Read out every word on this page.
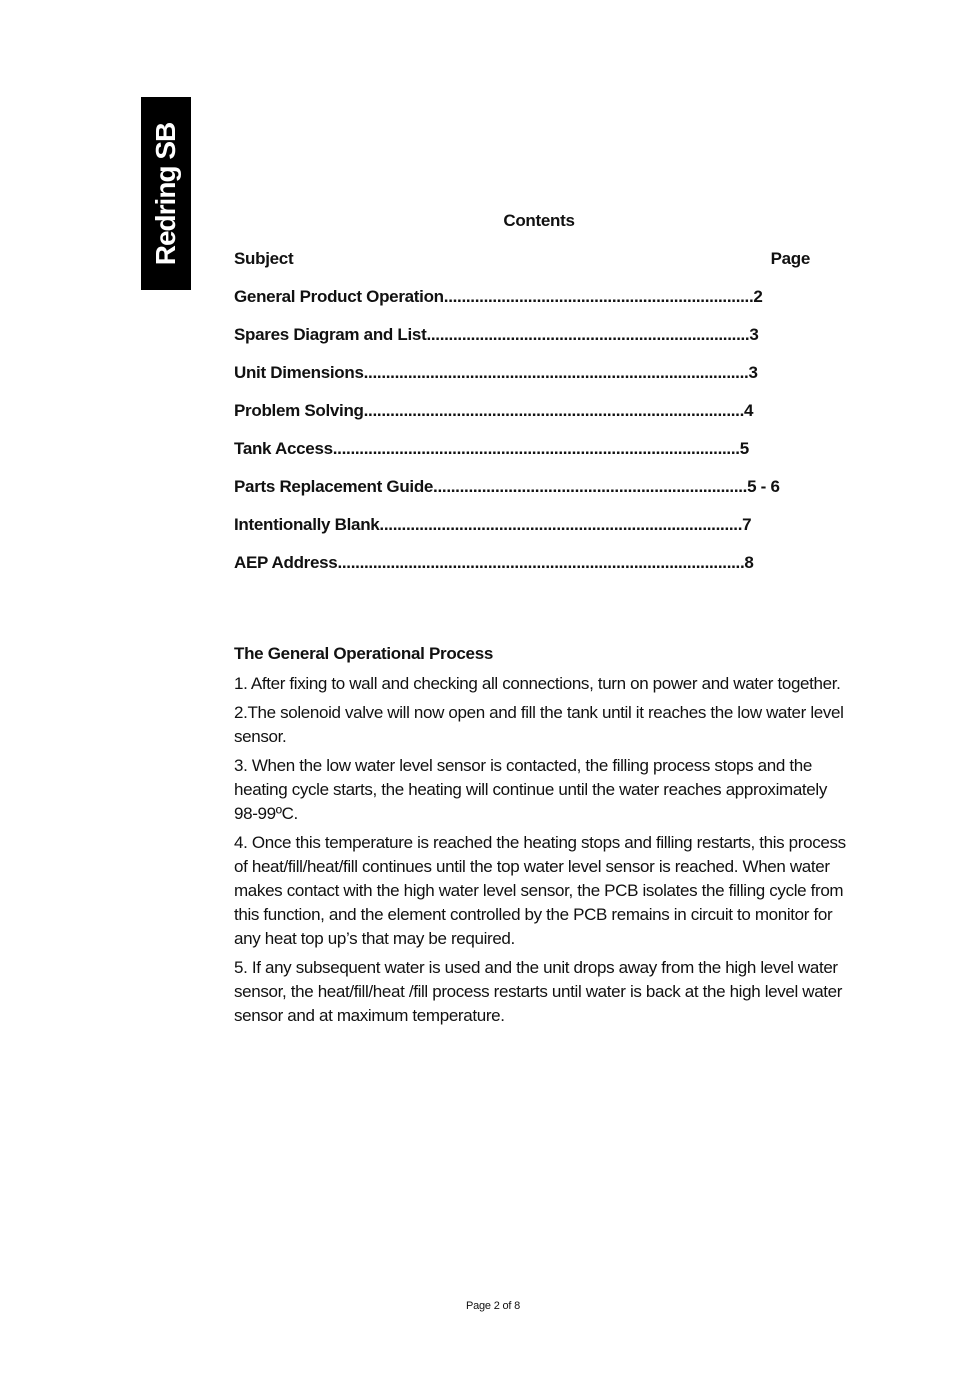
Redring SB	Contents
Subject	Page
General Product Operation......................................................................2
Spares Diagram and List.........................................................................3
Unit Dimensions.......................................................................................3
Problem Solving......................................................................................4
Tank Access............................................................................................5
Parts Replacement Guide.......................................................................5 - 6
Intentionally Blank..................................................................................7
AEP Address............................................................................................8
The General Operational Process

1. After fixing to wall and checking all connections, turn on power and water together.

2.The solenoid valve will now open and fill the tank until it reaches the low water level sensor.

3. When the low water level sensor is contacted, the filling process stops and the heating cycle starts, the heating will continue until the water reaches approximately 98-99ºC.

4. Once this temperature is reached the heating stops and filling restarts, this process of heat/fill/heat/fill continues until the top water level sensor is reached. When water makes contact with the high water level sensor, the PCB isolates the filling cycle from this function, and the element controlled by the PCB remains in circuit to monitor for any heat top up’s that may be required.

5. If any subsequent water is used and the unit drops away from the high level water sensor, the heat/fill/heat /fill process restarts until water is back at the high level water sensor and at maximum temperature.

Page 2 of 8
